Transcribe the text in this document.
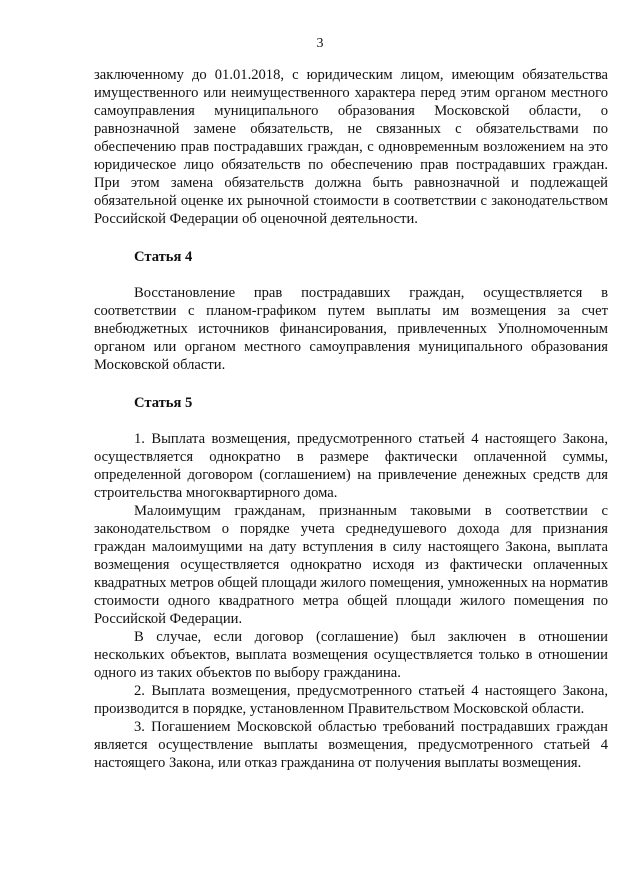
3

заключенному до 01.01.2018, с юридическим лицом, имеющим обязательства имущественного или неимущественного характера перед этим органом местного самоуправления муниципального образования Московской области, о равнозначной замене обязательств, не связанных с обязательствами по обеспечению прав пострадавших граждан, с одновременным возложением на это юридическое лицо обязательств по обеспечению прав пострадавших граждан. При этом замена обязательств должна быть равнозначной и подлежащей обязательной оценке их рыночной стоимости в соответствии с законодательством Российской Федерации об оценочной деятельности.

Статья 4

Восстановление прав пострадавших граждан, осуществляется в соответствии с планом-графиком путем выплаты им возмещения за счет внебюджетных источников финансирования, привлеченных Уполномоченным органом или органом местного самоуправления муниципального образования Московской области.

Статья 5

1. Выплата возмещения, предусмотренного статьей 4 настоящего Закона, осуществляется однократно в размере фактически оплаченной суммы, определенной договором (соглашением) на привлечение денежных средств для строительства многоквартирного дома.

Малоимущим гражданам, признанным таковыми в соответствии с законодательством о порядке учета среднедушевого дохода для признания граждан малоимущими на дату вступления в силу настоящего Закона, выплата возмещения осуществляется однократно исходя из фактически оплаченных квадратных метров общей площади жилого помещения, умноженных на норматив стоимости одного квадратного метра общей площади жилого помещения по Российской Федерации.

В случае, если договор (соглашение) был заключен в отношении нескольких объектов, выплата возмещения осуществляется только в отношении одного из таких объектов по выбору гражданина.

2. Выплата возмещения, предусмотренного статьей 4 настоящего Закона, производится в порядке, установленном Правительством Московской области.

3. Погашением Московской областью требований пострадавших граждан является осуществление выплаты возмещения, предусмотренного статьей 4 настоящего Закона, или отказ гражданина от получения выплаты возмещения.
